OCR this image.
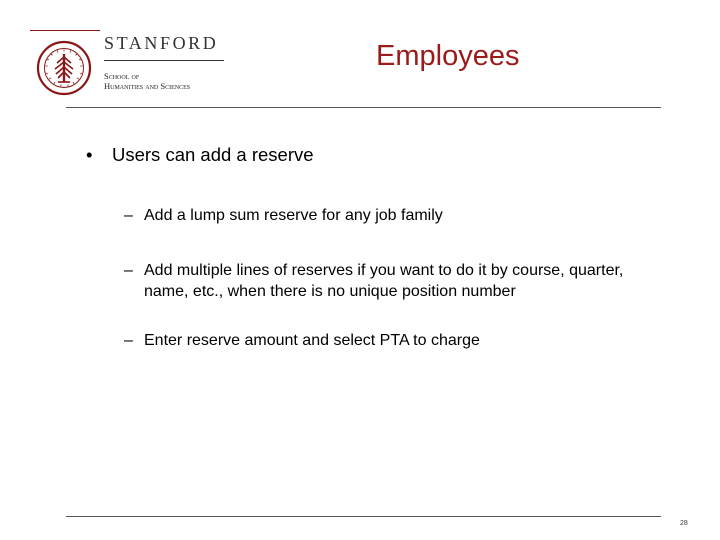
STANFORD
School of
Humanities and Sciences
Employees
• Users can add a reserve
– Add a lump sum reserve for any job family
– Add multiple lines of reserves if you want to do it by course, quarter, name, etc., when there is no unique position number
– Enter reserve amount and select PTA to charge
28
